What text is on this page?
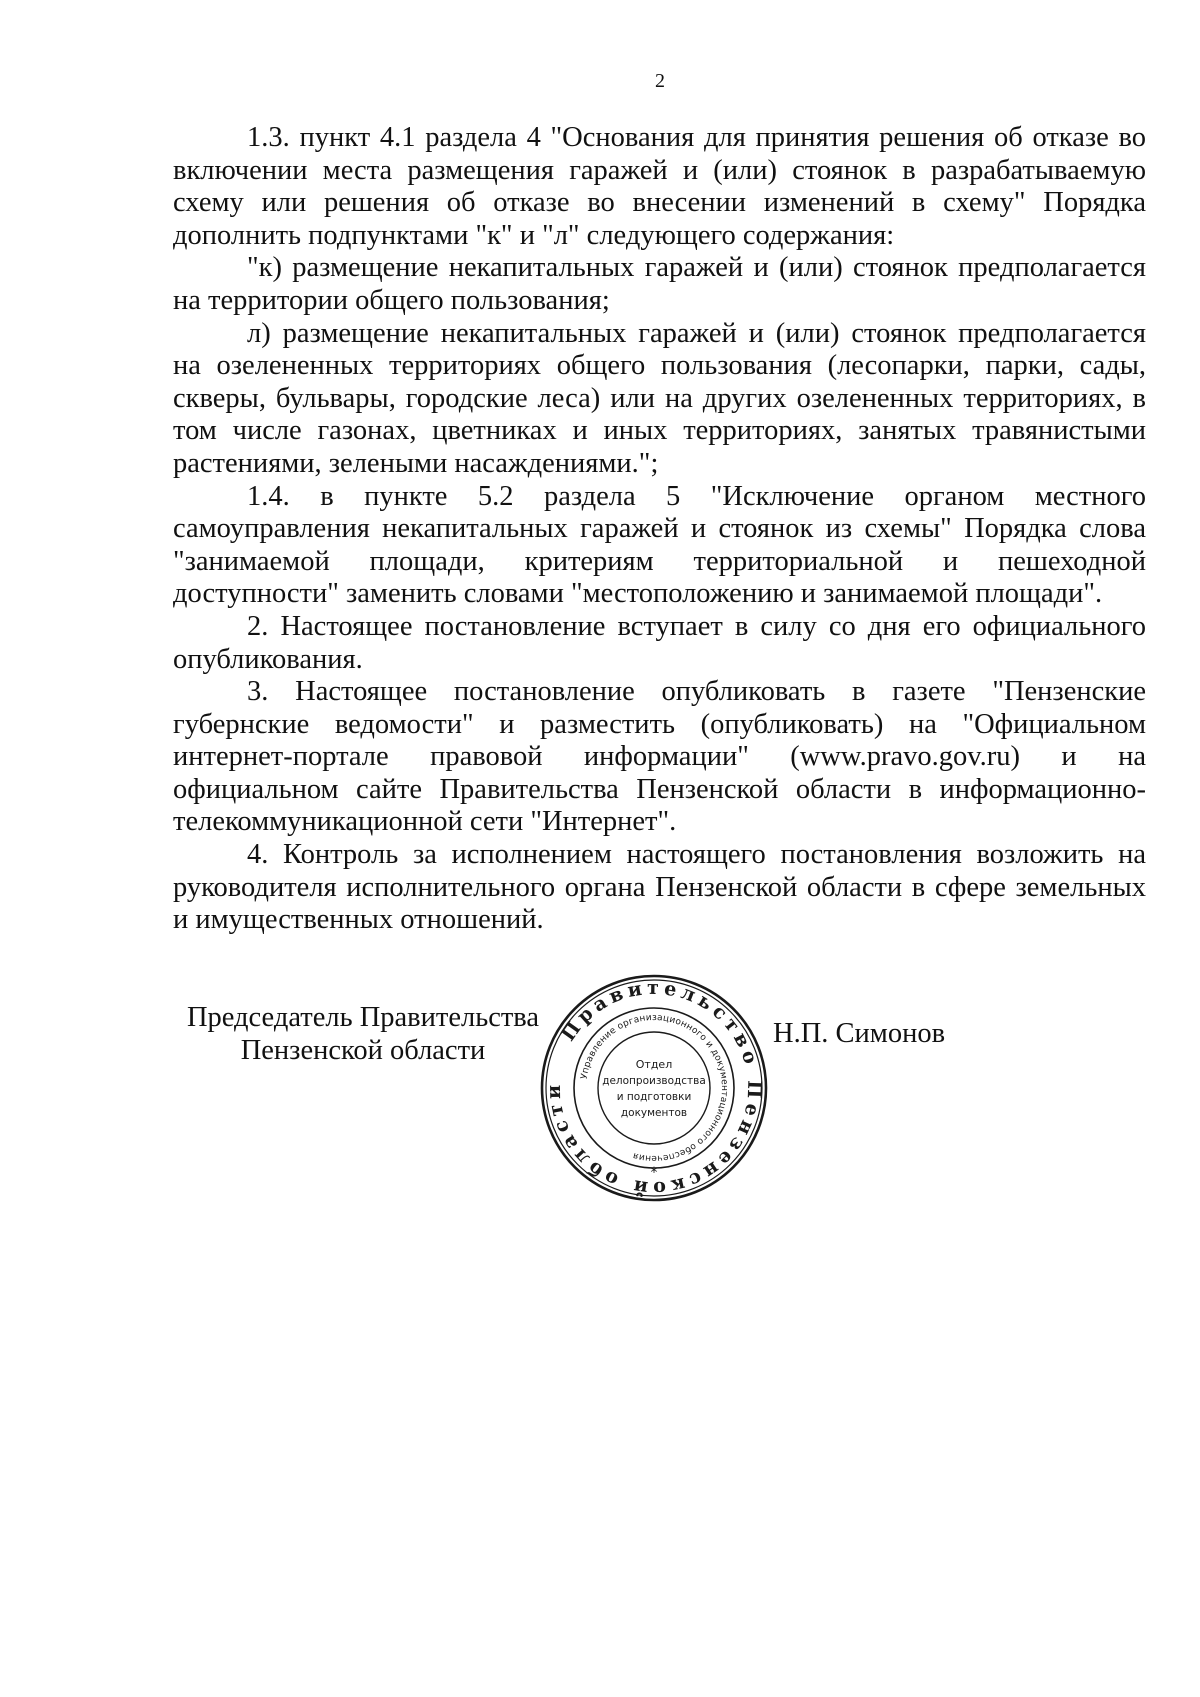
2

1.3. пункт 4.1 раздела 4 "Основания для принятия решения об отказе во включении места размещения гаражей и (или) стоянок в разрабатываемую схему или решения об отказе во внесении изменений в схему" Порядка дополнить подпунктами "к" и "л" следующего содержания:

"к) размещение некапитальных гаражей и (или) стоянок предполагается на территории общего пользования;

л) размещение некапитальных гаражей и (или) стоянок предполагается на озелененных территориях общего пользования (лесопарки, парки, сады, скверы, бульвары, городские леса) или на других озелененных территориях, в том числе газонах, цветниках и иных территориях, занятых травянистыми растениями, зелеными насаждениями.";

1.4. в пункте 5.2 раздела 5 "Исключение органом местного самоуправления некапитальных гаражей и стоянок из схемы" Порядка слова "занимаемой площади, критериям территориальной и пешеходной доступности" заменить словами "местоположению и занимаемой площади".

2. Настоящее постановление вступает в силу со дня его официального опубликования.

3. Настоящее постановление опубликовать в газете "Пензенские губернские ведомости" и разместить (опубликовать) на "Официальном интернет-портале правовой информации" (www.pravo.gov.ru) и на официальном сайте Правительства Пензенской области в информационно-телекоммуникационной сети "Интернет".

4. Контроль за исполнением настоящего постановления возложить на руководителя исполнительного органа Пензенской области в сфере земельных и имущественных отношений.

Председатель Правительства
Пензенской области
Правительство Пензенской области
Управление организационного и документационного обеспечения
*
Отдел
делопроизводства
и подготовки
документов
Н.П. Симонов
